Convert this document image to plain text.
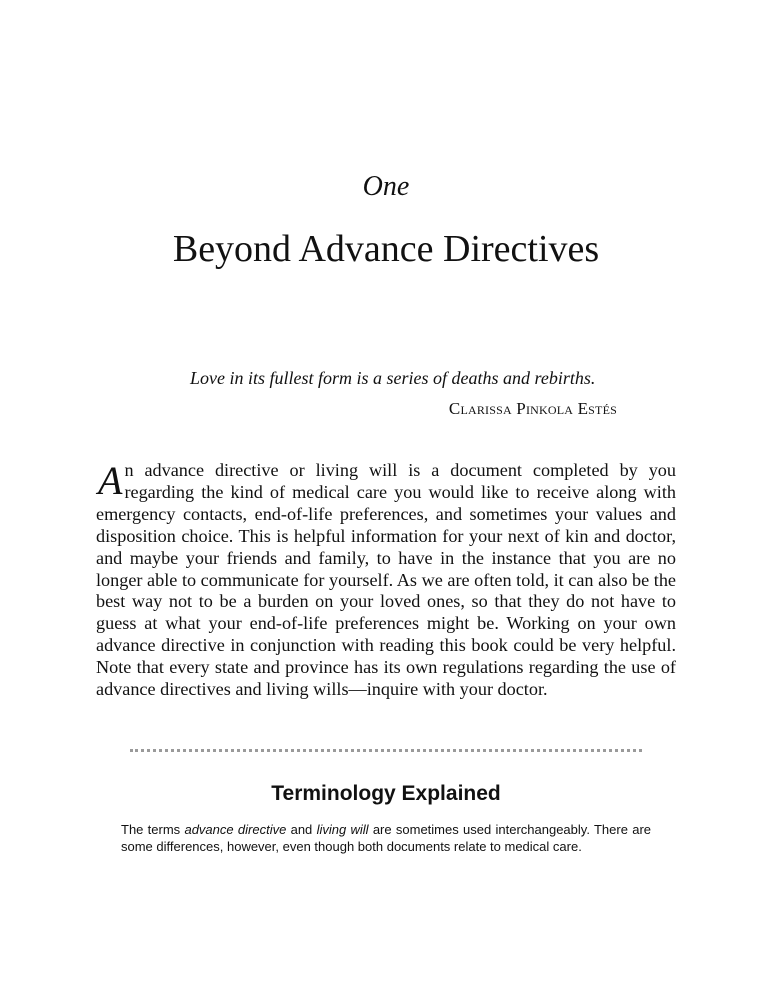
One
Beyond Advance Directives
Love in its fullest form is a series of deaths and rebirths.
Clarissa Pinkola Estés

An advance directive or living will is a document completed by you regarding the kind of medical care you would like to receive along with emergency contacts, end-of-life preferences, and sometimes your values and disposition choice. This is helpful information for your next of kin and doctor, and maybe your friends and family, to have in the instance that you are no longer able to communicate for yourself. As we are often told, it can also be the best way not to be a burden on your loved ones, so that they do not have to guess at what your end-of-life preferences might be. Working on your own advance directive in conjunction with reading this book could be very helpful. Note that every state and province has its own regulations regarding the use of advance directives and living wills—inquire with your doctor.

Terminology Explained

The terms advance directive and living will are sometimes used interchangeably. There are some differences, however, even though both documents relate to medical care.
